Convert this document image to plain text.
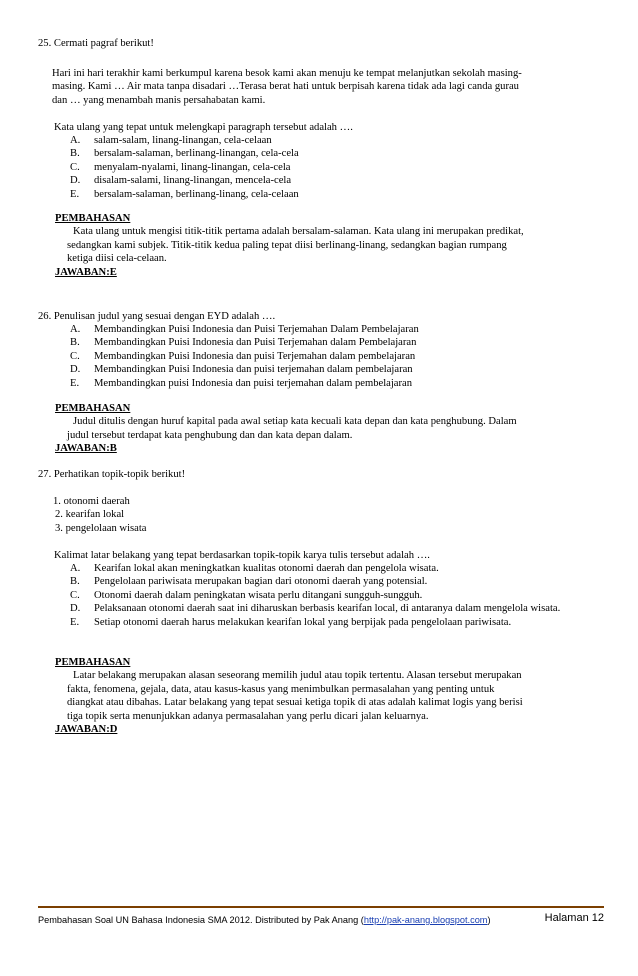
25. Cermati pagraf berikut!
Hari ini hari terakhir kami berkumpul karena besok kami akan menuju ke tempat melanjutkan sekolah masing-
masing. Kami … Air mata tanpa disadari …Terasa berat hati untuk berpisah karena tidak ada lagi canda gurau
dan … yang menambah manis persahabatan kami.
Kata ulang yang tepat untuk melengkapi paragraph tersebut adalah ….
A.	salam-salam, linang-linangan, cela-celaan
B.	bersalam-salaman, berlinang-linangan, cela-cela
C.	menyalam-nyalami, linang-linangan, cela-cela
D.	disalam-salami, linang-linangan, mencela-cela
E.	bersalam-salaman, berlinang-linang, cela-celaan
PEMBAHASAN
Kata ulang untuk mengisi titik-titik pertama adalah bersalam-salaman. Kata ulang ini merupakan predikat,
sedangkan kami subjek. Titik-titik kedua paling tepat diisi berlinang-linang, sedangkan bagian rumpang
ketiga diisi cela-celaan.
JAWABAN:E
26. Penulisan judul yang sesuai dengan EYD adalah ….
A.	Membandingkan Puisi Indonesia dan Puisi Terjemahan Dalam Pembelajaran
B.	Membandingkan Puisi Indonesia dan Puisi Terjemahan dalam Pembelajaran
C.	Membandingkan Puisi Indonesia dan puisi Terjemahan dalam pembelajaran
D.	Membandingkan Puisi Indonesia dan puisi terjemahan dalam pembelajaran
E.	Membandingkan puisi Indonesia dan puisi terjemahan dalam pembelajaran
PEMBAHASAN
Judul ditulis dengan huruf kapital pada awal setiap kata kecuali kata depan dan kata penghubung. Dalam
judul tersebut terdapat kata penghubung dan dan kata depan dalam.
JAWABAN:B
27. Perhatikan topik-topik berikut!
1. otonomi daerah
2. kearifan lokal
3. pengelolaan wisata
Kalimat latar belakang yang tepat berdasarkan topik-topik karya tulis tersebut adalah ….
A.	Kearifan lokal akan meningkatkan kualitas otonomi daerah dan pengelola wisata.
B.	Pengelolaan pariwisata merupakan bagian dari otonomi daerah yang potensial.
C.	Otonomi daerah dalam peningkatan wisata perlu ditangani sungguh-sungguh.
D.	Pelaksanaan otonomi daerah saat ini diharuskan berbasis kearifan local, di antaranya dalam mengelola wisata.
E.	Setiap otonomi daerah harus melakukan kearifan lokal yang berpijak pada pengelolaan pariwisata.
PEMBAHASAN
Latar belakang merupakan alasan seseorang memilih judul atau topik tertentu. Alasan tersebut merupakan
fakta, fenomena, gejala, data, atau kasus-kasus yang menimbulkan permasalahan yang penting untuk
diangkat atau dibahas. Latar belakang yang tepat sesuai ketiga topik di atas adalah kalimat logis yang berisi
tiga topik serta menunjukkan adanya permasalahan yang perlu dicari jalan keluarnya.
JAWABAN:D
Pembahasan Soal UN Bahasa Indonesia SMA 2012. Distributed by Pak Anang (http://pak-anang.blogspot.com)	Halaman 12
